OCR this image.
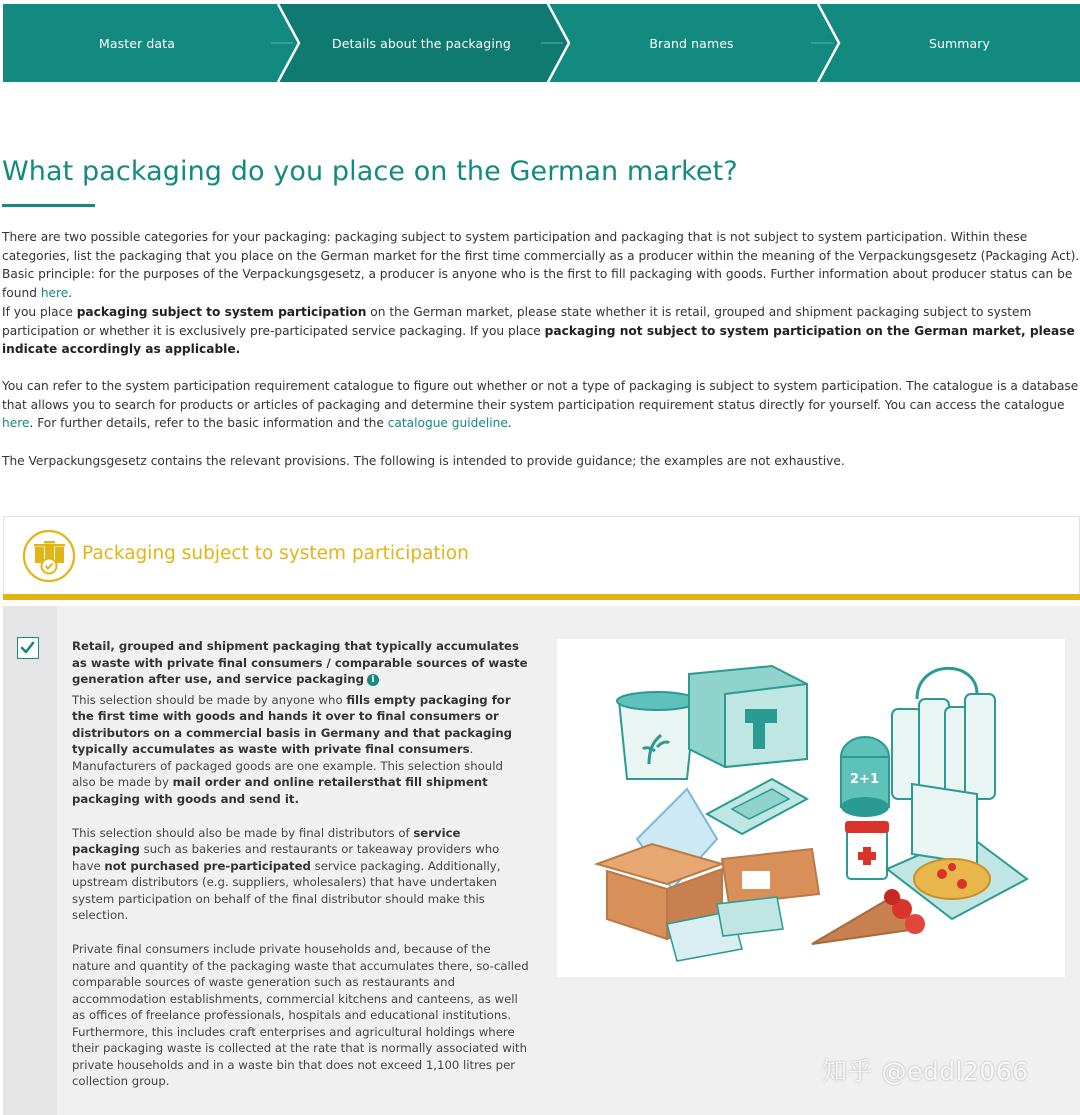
Master data	Details about the packaging	Brand names	Summary
What packaging do you place on the German market?
There are two possible categories for your packaging: packaging subject to system participation and packaging that is not subject to system participation. Within these categories, list the packaging that you place on the German market for the first time commercially as a producer within the meaning of the Verpackungsgesetz (Packaging Act). Basic principle: for the purposes of the Verpackungsgesetz, a producer is anyone who is the first to fill packaging with goods. Further information about producer status can be found here.
If you place packaging subject to system participation on the German market, please state whether it is retail, grouped and shipment packaging subject to system participation or whether it is exclusively pre-participated service packaging. If you place packaging not subject to system participation on the German market, please indicate accordingly as applicable.
You can refer to the system participation requirement catalogue to figure out whether or not a type of packaging is subject to system participation. The catalogue is a database that allows you to search for products or articles of packaging and determine their system participation requirement status directly for yourself. You can access the catalogue here. For further details, refer to the basic information and the catalogue guideline.
The Verpackungsgesetz contains the relevant provisions. The following is intended to provide guidance; the examples are not exhaustive.
Packaging subject to system participation

Retail, grouped and shipment packaging that typically accumulates as waste with private final consumers / comparable sources of waste generation after use, and service packaging i

This selection should be made by anyone who fills empty packaging for the first time with goods and hands it over to final consumers or distributors on a commercial basis in Germany and that packaging typically accumulates as waste with private final consumers. Manufacturers of packaged goods are one example. This selection should also be made by mail order and online retailersthat fill shipment packaging with goods and send it.

This selection should also be made by final distributors of service packaging such as bakeries and restaurants or takeaway providers who have not purchased pre-participated service packaging. Additionally, upstream distributors (e.g. suppliers, wholesalers) that have undertaken system participation on behalf of the final distributor should make this selection.

Private final consumers include private households and, because of the nature and quantity of the packaging waste that accumulates there, so-called comparable sources of waste generation such as restaurants and accommodation establishments, commercial kitchens and canteens, as well as offices of freelance professionals, hospitals and educational institutions. Furthermore, this includes craft enterprises and agricultural holdings where their packaging waste is collected at the rate that is normally associated with private households and in a waste bin that does not exceed 1,100 litres per collection group.

2+1
知乎 @eddl2066
